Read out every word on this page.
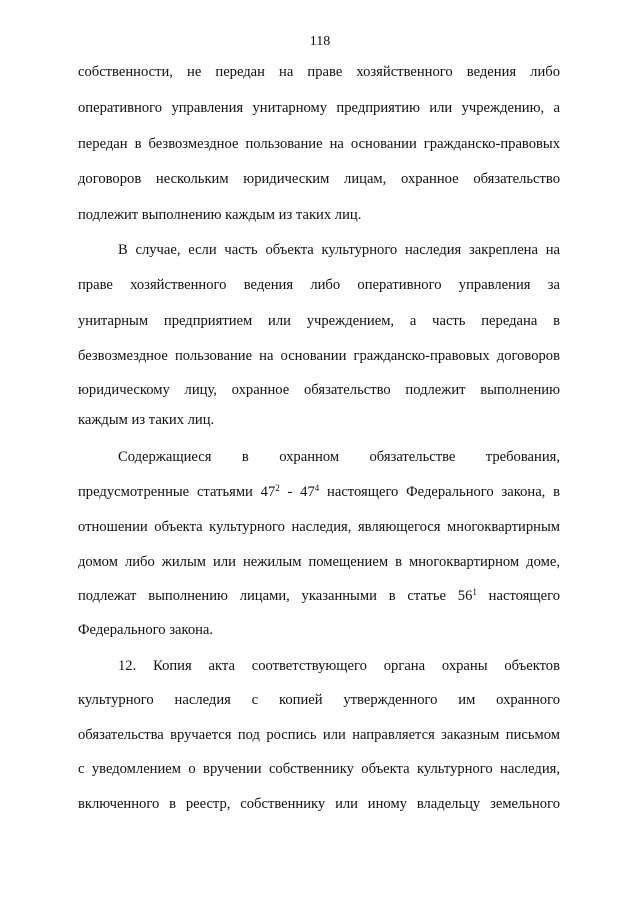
118
собственности, не передан на праве хозяйственного ведения либо
оперативного управления унитарному предприятию или учреждению, а
передан в безвозмездное пользование на основании гражданско-правовых
договоров нескольким юридическим лицам, охранное обязательство
подлежит выполнению каждым из таких лиц.
В случае, если часть объекта культурного наследия закреплена на
праве хозяйственного ведения либо оперативного управления за
унитарным предприятием или учреждением, а часть передана в
безвозмездное пользование на основании гражданско-правовых договоров
юридическому лицу, охранное обязательство подлежит выполнению
каждым из таких лиц.
Содержащиеся в охранном обязательстве требования,
предусмотренные статьями $47^2 - 47^4$ настоящего Федерального закона, в
отношении объекта культурного наследия, являющегося многоквартирным
домом либо жилым или нежилым помещением в многоквартирном доме,
подлежат выполнению лицами, указанными в статье $56^1$ настоящего
Федерального закона.
12. Копия акта соответствующего органа охраны объектов
культурного наследия с копией утвержденного им охранного
обязательства вручается под роспись или направляется заказным письмом
с уведомлением о вручении собственнику объекта культурного наследия,
включенного в реестр, собственнику или иному владельцу земельного
